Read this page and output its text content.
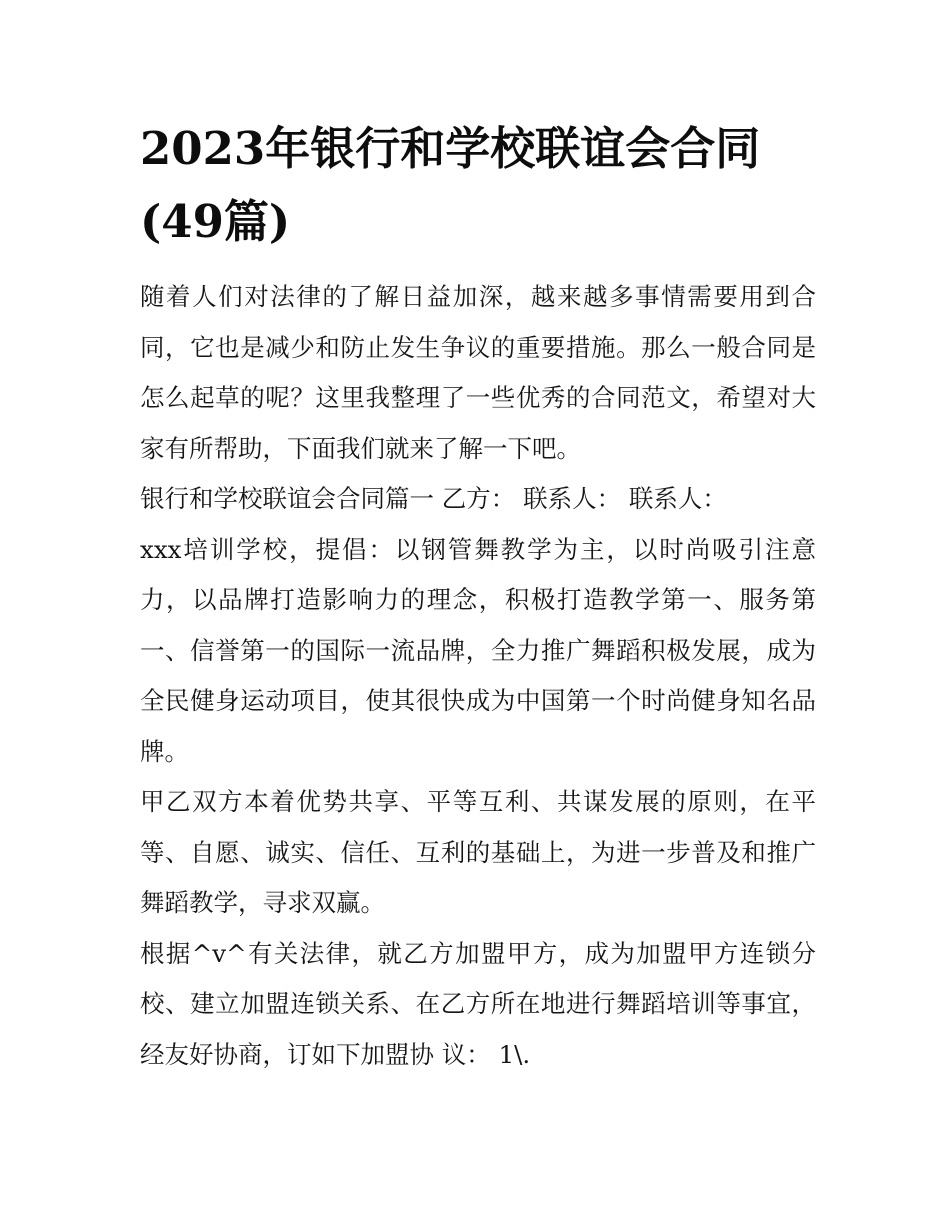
2023年银行和学校联谊会合同(49篇)

随着人们对法律的了解日益加深，越来越多事情需要用到合同，它也是减少和防止发生争议的重要措施。那么一般合同是怎么起草的呢？这里我整理了一些优秀的合同范文，希望对大家有所帮助，下面我们就来了解一下吧。

银行和学校联谊会合同篇一 乙方： 联系人： 联系人：

xxx培训学校，提倡：以钢管舞教学为主，以时尚吸引注意力，以品牌打造影响力的理念，积极打造教学第一、服务第一、信誉第一的国际一流品牌，全力推广舞蹈积极发展，成为全民健身运动项目，使其很快成为中国第一个时尚健身知名品牌。

甲乙双方本着优势共享、平等互利、共谋发展的原则，在平等、自愿、诚实、信任、互利的基础上，为进一步普及和推广舞蹈教学，寻求双赢。

根据^v^有关法律，就乙方加盟甲方，成为加盟甲方连锁分校、建立加盟连锁关系、在乙方所在地进行舞蹈培训等事宜，经友好协商，订如下加盟协 议： 1\.
